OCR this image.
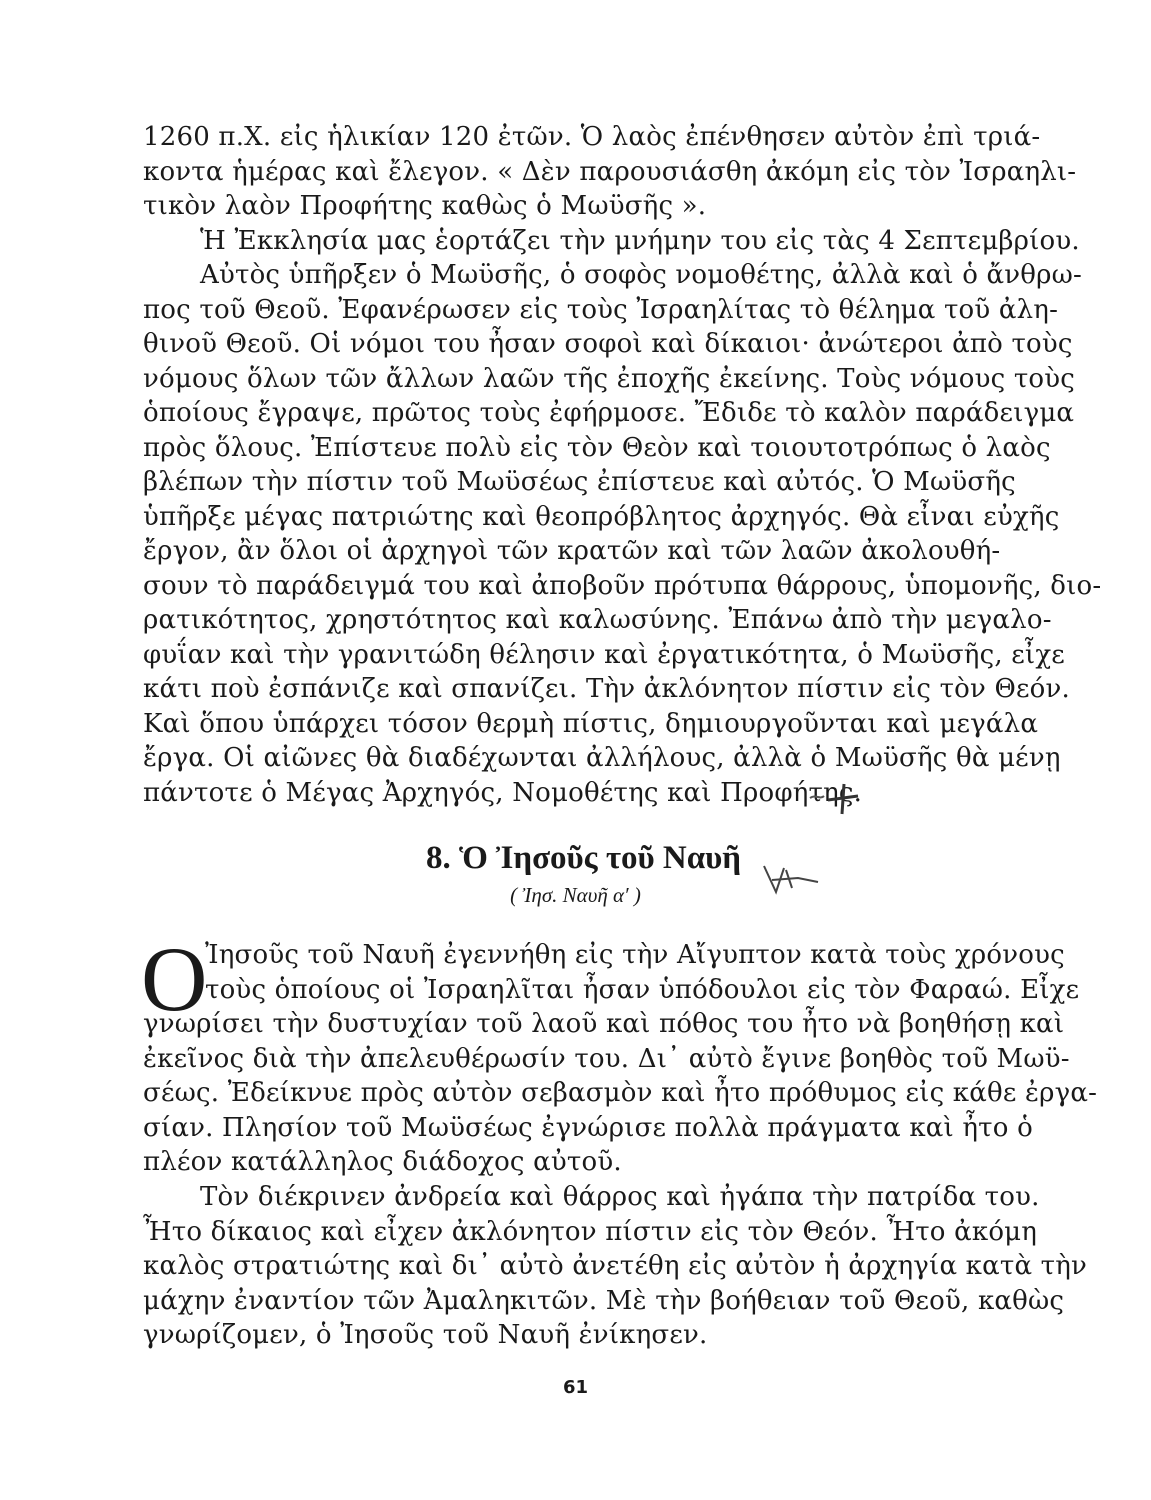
1260 π.Χ. εἰς ἡλικίαν 120 ἐτῶν. Ὁ λαὸς ἐπένθησεν αὐτὸν ἐπὶ τριά-
κοντα ἡμέρας καὶ ἔλεγον. « Δὲν παρουσιάσθη ἀκόμη εἰς τὸν Ἰσραηλι-
τικὸν λαὸν Προφήτης καθὼς ὁ Μωϋσῆς ».
Ἡ Ἐκκλησία μας ἑορτάζει τὴν μνήμην του εἰς τὰς 4 Σεπτεμβρίου.
Αὐτὸς ὑπῆρξεν ὁ Μωϋσῆς, ὁ σοφὸς νομοθέτης, ἀλλὰ καὶ ὁ ἄνθρω-
πος τοῦ Θεοῦ. Ἐφανέρωσεν εἰς τοὺς Ἰσραηλίτας τὸ θέλημα τοῦ ἀλη-
θινοῦ Θεοῦ. Οἱ νόμοι του ἦσαν σοφοὶ καὶ δίκαιοι· ἀνώτεροι ἀπὸ τοὺς
νόμους ὅλων τῶν ἄλλων λαῶν τῆς ἐποχῆς ἐκείνης. Τοὺς νόμους τοὺς
ὁποίους ἔγραψε, πρῶτος τοὺς ἐφήρμοσε. Ἔδιδε τὸ καλὸν παράδειγμα
πρὸς ὅλους. Ἐπίστευε πολὺ εἰς τὸν Θεὸν καὶ τοιουτοτρόπως ὁ λαὸς
βλέπων τὴν πίστιν τοῦ Μωϋσέως ἐπίστευε καὶ αὐτός. Ὁ Μωϋσῆς
ὑπῆρξε μέγας πατριώτης καὶ θεοπρόβλητος ἀρχηγός. Θὰ εἶναι εὐχῆς
ἔργον, ἂν ὅλοι οἱ ἀρχηγοὶ τῶν κρατῶν καὶ τῶν λαῶν ἀκολουθή-
σουν τὸ παράδειγμά του καὶ ἀποβοῦν πρότυπα θάρρους, ὑπομονῆς, διο-
ρατικότητος, χρηστότητος καὶ καλωσύνης. Ἐπάνω ἀπὸ τὴν μεγαλο-
φυΐαν καὶ τὴν γρανιτώδη θέλησιν καὶ ἐργατικότητα, ὁ Μωϋσῆς, εἶχε
κάτι ποὺ ἐσπάνιζε καὶ σπανίζει. Τὴν ἀκλόνητον πίστιν εἰς τὸν Θεόν.
Καὶ ὅπου ὑπάρχει τόσον θερμὴ πίστις, δημιουργοῦνται καὶ μεγάλα
ἔργα. Οἱ αἰῶνες θὰ διαδέχωνται ἀλλήλους, ἀλλὰ ὁ Μωϋσῆς θὰ μένῃ
πάντοτε ὁ Μέγας Ἀρχηγός, Νομοθέτης καὶ Προφήτης.
8. Ὁ Ἰησοῦς τοῦ Ναυῆ
( Ἰησ. Ναυῆ α′ )
Ο
Ἰησοῦς τοῦ Ναυῆ ἐγεννήθη εἰς τὴν Αἴγυπτον κατὰ τοὺς χρόνους
τοὺς ὁποίους οἱ Ἰσραηλῖται ἦσαν ὑπόδουλοι εἰς τὸν Φαραώ. Εἶχε
γνωρίσει τὴν δυστυχίαν τοῦ λαοῦ καὶ πόθος του ἦτο νὰ βοηθήσῃ καὶ
ἐκεῖνος διὰ τὴν ἀπελευθέρωσίν του. Δι᾽ αὐτὸ ἔγινε βοηθὸς τοῦ Μωϋ-
σέως. Ἐδείκνυε πρὸς αὐτὸν σεβασμὸν καὶ ἦτο πρόθυμος εἰς κάθε ἐργα-
σίαν. Πλησίον τοῦ Μωϋσέως ἐγνώρισε πολλὰ πράγματα καὶ ἦτο ὁ
πλέον κατάλληλος διάδοχος αὐτοῦ.
Τὸν διέκρινεν ἀνδρεία καὶ θάρρος καὶ ἠγάπα τὴν πατρίδα του.
Ἦτο δίκαιος καὶ εἶχεν ἀκλόνητον πίστιν εἰς τὸν Θεόν. Ἦτο ἀκόμη
καλὸς στρατιώτης καὶ δι᾽ αὐτὸ ἀνετέθη εἰς αὐτὸν ἡ ἀρχηγία κατὰ τὴν
μάχην ἐναντίον τῶν Ἀμαληκιτῶν. Μὲ τὴν βοήθειαν τοῦ Θεοῦ, καθὼς
γνωρίζομεν, ὁ Ἰησοῦς τοῦ Ναυῆ ἐνίκησεν.
61
